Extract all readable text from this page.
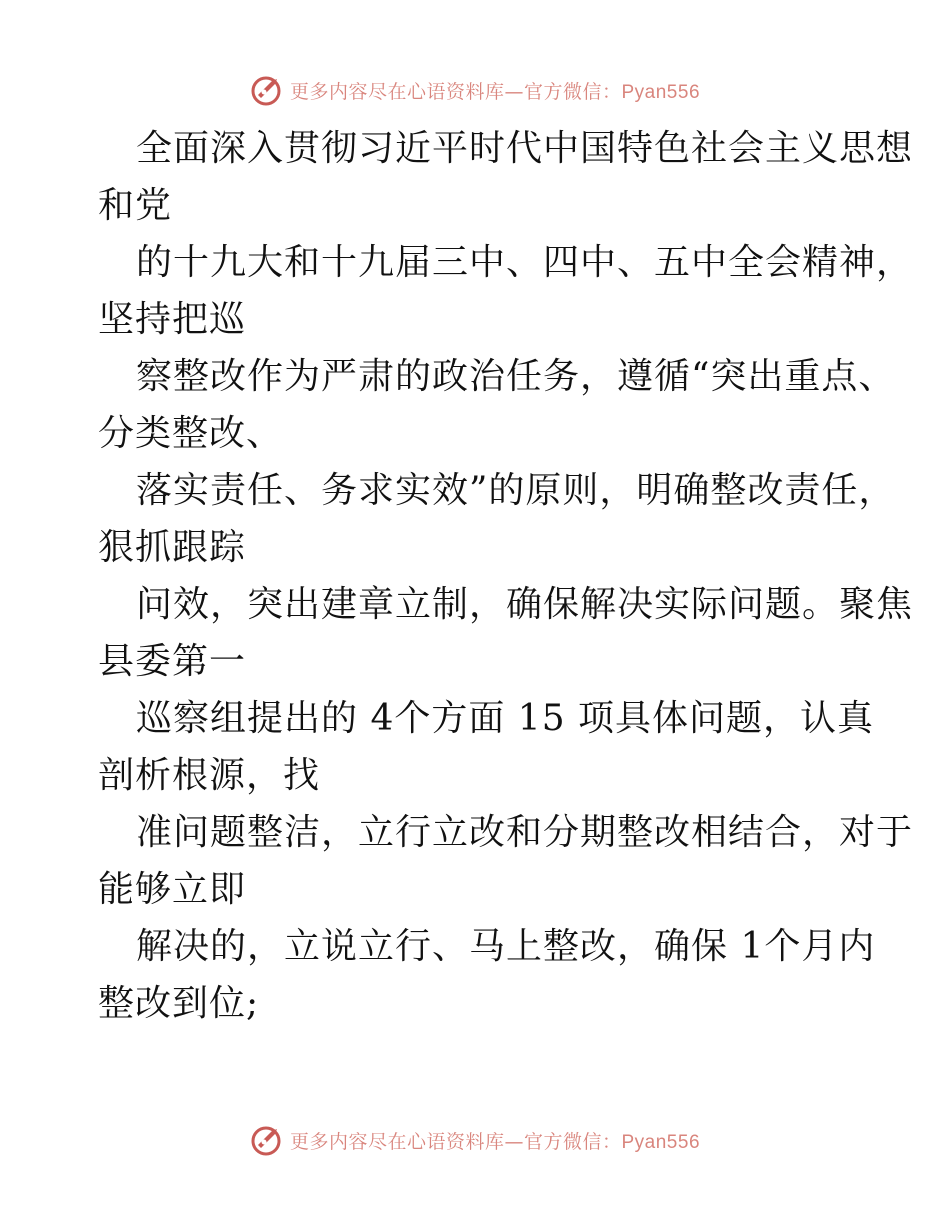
更多内容尽在心语资料库—官方微信：Pyan556
全面深入贯彻习近平时代中国特色社会主义思想
和党
的十九大和十九届三中、四中、五中全会精神，
坚持把巡
察整改作为严肃的政治任务，遵循“突出重点、
分类整改、
落实责任、务求实效”的原则，明确整改责任，
狠抓跟踪
问效，突出建章立制，确保解决实际问题。聚焦
县委第一
巡察组提出的 4个方面 15 项具体问题，认真
剖析根源，找
准问题整洁，立行立改和分期整改相结合，对于
能够立即
解决的，立说立行、马上整改，确保 1个月内
整改到位;
更多内容尽在心语资料库—官方微信：Pyan556
